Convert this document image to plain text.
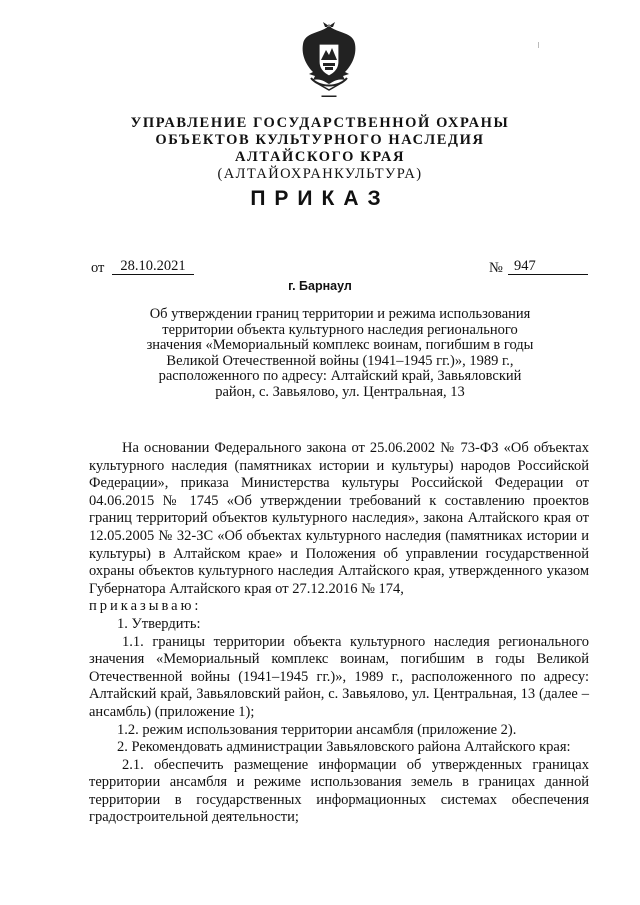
▬▬▬
УПРАВЛЕНИЕ ГОСУДАРСТВЕННОЙ ОХРАНЫ
ОБЪЕКТОВ КУЛЬТУРНОГО НАСЛЕДИЯ
АЛТАЙСКОГО КРАЯ
(АЛТАЙОХРАНКУЛЬТУРА)
ПРИКАЗ
от	28.10.2021	№ 947
г. Барнаул
Об утверждении границ территории и режима использования
территории объекта культурного наследия регионального
значения «Мемориальный комплекс воинам, погибшим в годы
Великой Отечественной войны (1941–1945 гг.)», 1989 г.,
расположенного по адресу: Алтайский край, Завьяловский
район, с. Завьялово, ул. Центральная, 13

На основании Федерального закона от 25.06.2002 № 73-ФЗ «Об объектах культурного наследия (памятниках истории и культуры) народов Российской Федерации», приказа Министерства культуры Российской Федерации от 04.06.2015 № 1745 «Об утверждении требований к составлению проектов границ территорий объектов культурного наследия», закона Алтайского края от 12.05.2005 № 32-ЗС «Об объектах культурного наследия (памятниках истории и культуры) в Алтайском крае» и Положения об управлении государственной охраны объектов культурного наследия Алтайского края, утвержденного указом Губернатора Алтайского края от 27.12.2016 № 174,

приказываю:

1. Утвердить:

1.1. границы территории объекта культурного наследия регионального значения «Мемориальный комплекс воинам, погибшим в годы Великой Отечественной войны (1941–1945 гг.)», 1989 г., расположенного по адресу: Алтайский край, Завьяловский район, с. Завьялово, ул. Центральная, 13 (далее – ансамбль) (приложение 1);

1.2. режим использования территории ансамбля (приложение 2).

2. Рекомендовать администрации Завьяловского района Алтайского края:

2.1. обеспечить размещение информации об утвержденных границах территории ансамбля и режиме использования земель в границах данной территории в государственных информационных системах обеспечения градостроительной деятельности;
